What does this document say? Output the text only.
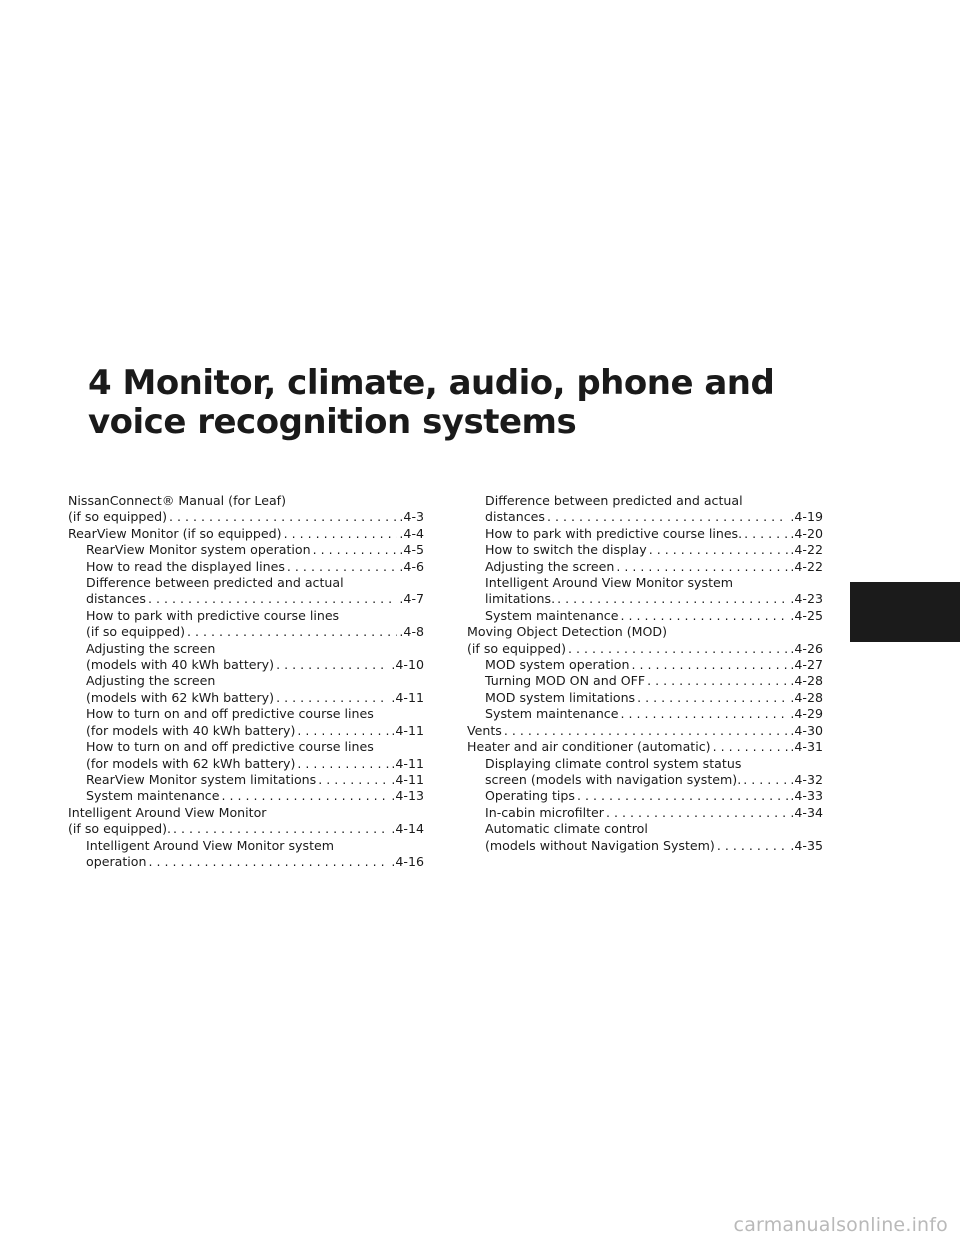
4 Monitor, climate, audio, phone and voice recognition systems
NissanConnect® Manual (for Leaf)
(if so equipped) . . .	.4-3
RearView Monitor (if so equipped) . . .	.4-4
RearView Monitor system operation . . .	.4-5
How to read the displayed lines . . .	.4-6
Difference between predicted and actual
distances . . .	.4-7
How to park with predictive course lines
(if so equipped) . . .	.4-8
Adjusting the screen
(models with 40 kWh battery) . . .	.4-10
Adjusting the screen
(models with 62 kWh battery) . . .	.4-11
How to turn on and off predictive course lines
(for models with 40 kWh battery) . . .	.4-11
How to turn on and off predictive course lines
(for models with 62 kWh battery) . . .	.4-11
RearView Monitor system limitations . . .	.4-11
System maintenance . . .	.4-13
Intelligent Around View Monitor
(if so equipped). . . .	.4-14
Intelligent Around View Monitor system
operation . . .	.4-16
Difference between predicted and actual
distances . . .	.4-19
How to park with predictive course lines. . . .	.4-20
How to switch the display . . .	.4-22
Adjusting the screen . . .	.4-22
Intelligent Around View Monitor system
limitations. . . .	.4-23
System maintenance . . .	.4-25
Moving Object Detection (MOD)
(if so equipped) . . .	.4-26
MOD system operation . . .	.4-27
Turning MOD ON and OFF . . .	.4-28
MOD system limitations . . .	.4-28
System maintenance . . .	.4-29
Vents . . .	.4-30
Heater and air conditioner (automatic) . . .	.4-31
Displaying climate control system status
screen (models with navigation system). . . .	.4-32
Operating tips . . .	.4-33
In-cabin microfilter . . .	.4-34
Automatic climate control
(models without Navigation System) . . .	.4-35
carmanualsonline.info
